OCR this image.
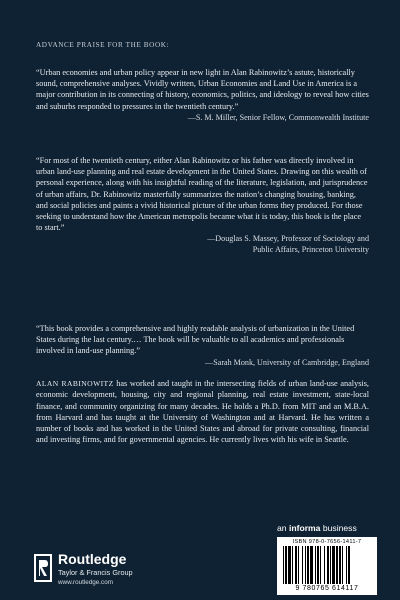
ADVANCE PRAISE FOR THE BOOK:

“Urban economies and urban policy appear in new light in Alan Rabinowitz’s astute, historically sound, comprehensive analyses. Vividly written, Urban Economies and Land Use in America is a major contribution in its connecting of history, economics, politics, and ideology to reveal how cities and suburbs responded to pressures in the twentieth century.”

—S. M. Miller, Senior Fellow, Commonwealth Institute

“For most of the twentieth century, either Alan Rabinowitz or his father was directly involved in urban land-use planning and real estate development in the United States. Drawing on this wealth of personal experience, along with his insightful reading of the literature, legislation, and jurisprudence of urban affairs, Dr. Rabinowitz masterfully summarizes the nation’s changing housing, banking, and social policies and paints a vivid historical picture of the urban forms they produced. For those seeking to understand how the American metropolis became what it is today, this book is the place to start.”

—Douglas S. Massey, Professor of Sociology and

Public Affairs, Princeton University

“This book provides a comprehensive and highly readable analysis of urbanization in the United States during the last century.… The book will be valuable to all academics and professionals involved in land-use planning.”

—Sarah Monk, University of Cambridge, England

ALAN RABINOWITZ has worked and taught in the intersecting fields of urban land-use analysis, economic development, housing, city and regional planning, real estate investment, state-local finance, and community organizing for many decades. He holds a Ph.D. from MIT and an M.B.A. from Harvard and has taught at the University of Washington and at Harvard. He has written a number of books and has worked in the United States and abroad for private consulting, financial and investing firms, and for governmental agencies. He currently lives with his wife in Seattle.
an informa business
Routledge
Taylor & Francis Group
www.routledge.com
ISBN 978-0-7656-1411-7
9 780765 614117
